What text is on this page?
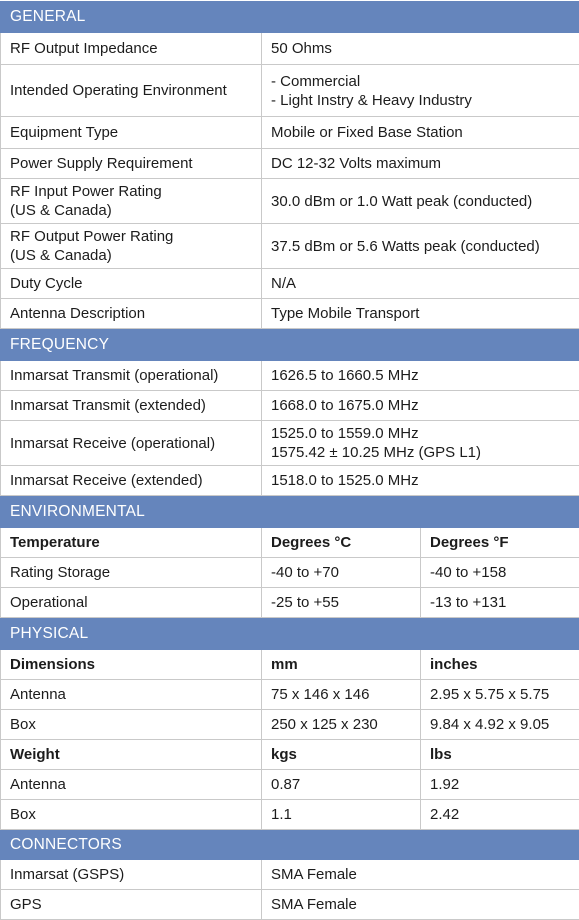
GENERAL		
RF Output Impedance	50 Ohms	

Intended Operating Environment	- Commercial
- Light Instry & Heavy Industry	

Equipment Type	Mobile or Fixed Base Station	

Power Supply Requirement	DC 12-32 Volts maximum	

RF Input Power Rating
(US & Canada)	30.0 dBm or 1.0 Watt peak (conducted)	

RF Output Power Rating
(US & Canada)	37.5 dBm or 5.6 Watts peak (conducted)	

Duty Cycle	N/A	

Antenna Description	Type Mobile Transport	

FREQUENCY		
Inmarsat Transmit (operational)	1626.5 to 1660.5 MHz	

Inmarsat Transmit (extended)	1668.0 to 1675.0 MHz	

Inmarsat Receive (operational)	1525.0 to 1559.0 MHz
1575.42 ± 10.25 MHz (GPS L1)	

Inmarsat Receive (extended)	1518.0 to 1525.0 MHz	

ENVIRONMENTAL		
Temperature	Degrees °C	Degrees °F
Rating Storage	-40 to +70	-40 to +158
Operational	-25 to +55	-13 to +131
PHYSICAL		
Dimensions	mm	inches
Antenna	75 x 146 x 146	2.95 x 5.75 x 5.75
Box	250 x 125 x 230	9.84 x 4.92 x 9.05
Weight	kgs	lbs
Antenna	0.87	1.92
Box	1.1	2.42
CONNECTORS		
Inmarsat (GSPS)	SMA Female	

GPS	SMA Female	
